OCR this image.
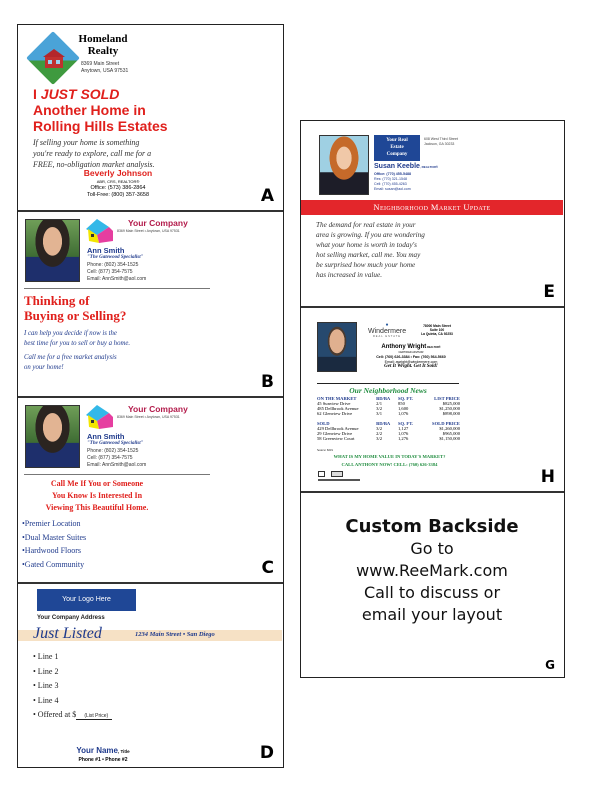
Homeland
Realty
8369 Main Street
Anytown, USA 97531
I JUST SOLD
Another Home in
Rolling Hills Estates
If selling your home is something
you're ready to explore, call me for a
FREE, no-obligation market analysis.
Beverly Johnson
ABR, CRS, REALTOR®
Office: (573) 386-2864
Toll-Free: (800) 357-3658	A
Your Company
8369 Main Street • Anytown, USA 97531
Ann Smith
"The Gatewood Specialist"
Phone: (802) 354-1525
Cell: (877) 354-7575
Email: AnnSmith@aol.com
Thinking of
Buying or Selling?
I can help you decide if now is the
best time for you to sell or buy a home.
Call me for a free market analysis
on your home!
B
Your Company
8369 Main Street • Anytown, USA 97531
Ann Smith
"The Gatewood Specialist"
Phone: (802) 354-1525
Cell: (877) 354-7575
Email: AnnSmith@aol.com
Call Me If You or Someone
You Know Is Interested In
Viewing This Beautiful Home.
•Premier Location
•Dual Master Suites
•Hardwood Floors
•Gated Community	C
Your Logo Here
Your Company Address
Just Listed	1234 Main Street • San Diego
• Line 1
• Line 2
• Line 3
• Line 4
• Offered at $ (List Price)
Your Name, Title
Phone #1 • Phone #2	D
Your Real
Estate
Company
608 West Third Street
Jackson, GA 30233
Susan Keeble, REALTOR®
Office: (770) 455-5488
Res: (770) 321-1548
Cell: (770) 455-4263
Email: susan@aol.com
Neighborhood Market Update
The demand for real estate in your
area is growing. If you are wondering
what your home is worth in today's
hot selling market, call me. You may
be surprised how much your home
has increased in value.
E
●
Windermere
REAL ESTATE
78000 Main Street
Suite 100
La Quinta, CA 92253
Anthony Wright REALTOR®
CERTIFIED ADVISOR
Cell: (760) 626-3384 • Fax: (760) 564-5660
Email: awright@windermere.com
Get It Wright. Get It Sold!
Our Neighborhood News
ON THE MARKET	BD/BA	SQ. FT.	LIST PRICE
45 Sunview Drive	2/1	850	$825,000
485 Dellbrook Avenue	3/2	1,600	$1,250,000
62 Glenview Drive	3/1	1,076	$898,000

SOLD	BD/BA	SQ. FT.	SOLD PRICE
429 Dellbrook Avenue	3/2	1,127	$1,260,000
29 Glenview Drive	2/2	1,076	$965,000
58 Greenview Court	3/2	1,276	$1,150,000
Source: MLS
WHAT IS MY HOME VALUE IN TODAY'S MARKET?
CALL ANTHONY NOW! CELL: (760) 626-3384
H
Custom Backside
Go to
www.ReeMark.com
Call to discuss or
email your layout
G
